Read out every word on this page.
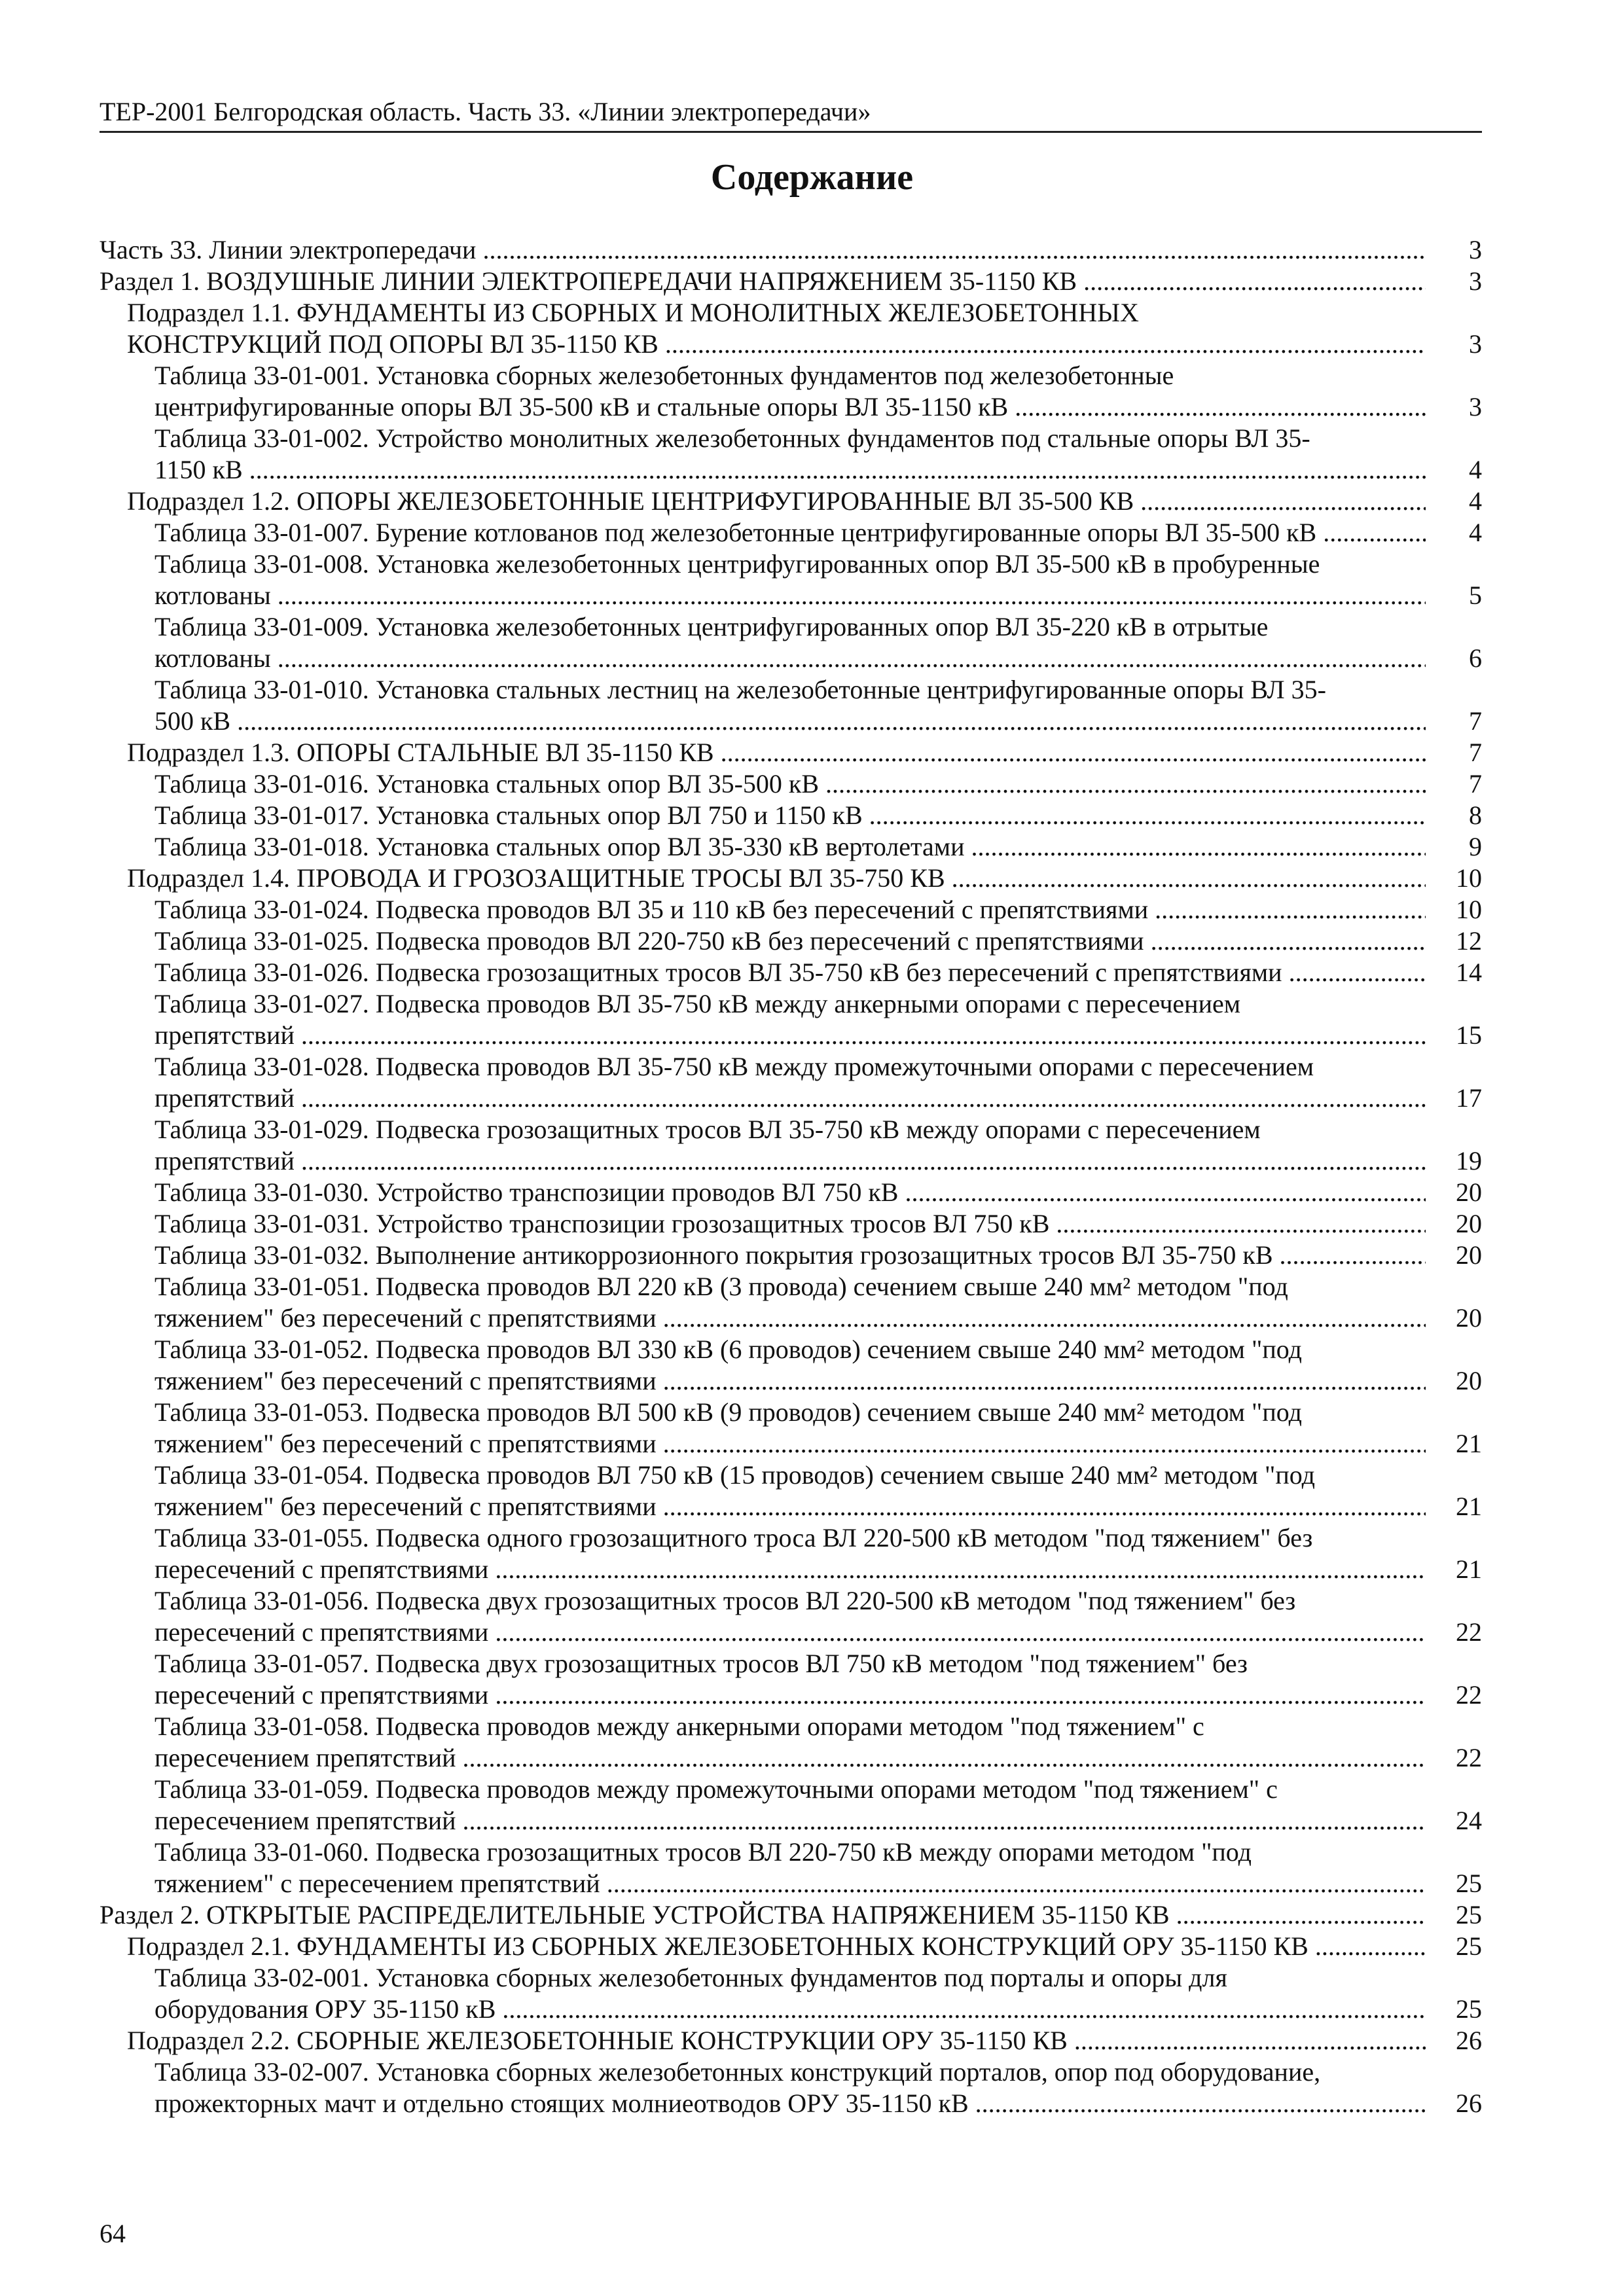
ТЕР-2001 Белгородская область. Часть 33. «Линии электропередачи»
Содержание
Часть 33. Линии электропередачи .....	3
Раздел 1. ВОЗДУШНЫЕ ЛИНИИ ЭЛЕКТРОПЕРЕДАЧИ НАПРЯЖЕНИЕМ 35-1150 КВ .....	3
Подраздел 1.1. ФУНДАМЕНТЫ ИЗ СБОРНЫХ И МОНОЛИТНЫХ ЖЕЛЕЗОБЕТОННЫХ
КОНСТРУКЦИЙ ПОД ОПОРЫ ВЛ 35-1150 КВ .....	3
Таблица 33-01-001. Установка сборных железобетонных фундаментов под железобетонные
центрифугированные опоры ВЛ 35-500 кВ и стальные опоры ВЛ 35-1150 кВ .....	3
Таблица 33-01-002. Устройство монолитных железобетонных фундаментов под стальные опоры ВЛ 35-
1150 кВ .....	4
Подраздел 1.2. ОПОРЫ ЖЕЛЕЗОБЕТОННЫЕ ЦЕНТРИФУГИРОВАННЫЕ ВЛ 35-500 КВ .....	4
Таблица 33-01-007. Бурение котлованов под железобетонные центрифугированные опоры ВЛ 35-500 кВ .....	4
Таблица 33-01-008. Установка железобетонных центрифугированных опор ВЛ 35-500 кВ в пробуренные
котлованы .....	5
Таблица 33-01-009. Установка железобетонных центрифугированных опор ВЛ 35-220 кВ в отрытые
котлованы .....	6
Таблица 33-01-010. Установка стальных лестниц на железобетонные центрифугированные опоры ВЛ 35-
500 кВ .....	7
Подраздел 1.3. ОПОРЫ СТАЛЬНЫЕ ВЛ 35-1150 КВ .....	7
Таблица 33-01-016. Установка стальных опор ВЛ 35-500 кВ .....	7
Таблица 33-01-017. Установка стальных опор ВЛ 750 и 1150 кВ .....	8
Таблица 33-01-018. Установка стальных опор ВЛ 35-330 кВ вертолетами .....	9
Подраздел 1.4. ПРОВОДА И ГРОЗОЗАЩИТНЫЕ ТРОСЫ ВЛ 35-750 КВ .....	10
Таблица 33-01-024. Подвеска проводов ВЛ 35 и 110 кВ без пересечений с препятствиями .....	10
Таблица 33-01-025. Подвеска проводов ВЛ 220-750 кВ без пересечений с препятствиями .....	12
Таблица 33-01-026. Подвеска грозозащитных тросов ВЛ 35-750 кВ без пересечений с препятствиями .....	14
Таблица 33-01-027. Подвеска проводов ВЛ 35-750 кВ между анкерными опорами с пересечением
препятствий .....	15
Таблица 33-01-028. Подвеска проводов ВЛ 35-750 кВ между промежуточными опорами с пересечением
препятствий .....	17
Таблица 33-01-029. Подвеска грозозащитных тросов ВЛ 35-750 кВ между опорами с пересечением
препятствий .....	19
Таблица 33-01-030. Устройство транспозиции проводов ВЛ 750 кВ .....	20
Таблица 33-01-031. Устройство транспозиции грозозащитных тросов ВЛ 750 кВ .....	20
Таблица 33-01-032. Выполнение антикоррозионного покрытия грозозащитных тросов ВЛ 35-750 кВ .....	20
Таблица 33-01-051. Подвеска проводов ВЛ 220 кВ (3 провода) сечением свыше 240 мм² методом "под
тяжением" без пересечений с препятствиями .....	20
Таблица 33-01-052. Подвеска проводов ВЛ 330 кВ (6 проводов) сечением свыше 240 мм² методом "под
тяжением" без пересечений с препятствиями .....	20
Таблица 33-01-053. Подвеска проводов ВЛ 500 кВ (9 проводов) сечением свыше 240 мм² методом "под
тяжением" без пересечений с препятствиями .....	21
Таблица 33-01-054. Подвеска проводов ВЛ 750 кВ (15 проводов) сечением свыше 240 мм² методом "под
тяжением" без пересечений с препятствиями .....	21
Таблица 33-01-055. Подвеска одного грозозащитного троса ВЛ 220-500 кВ методом "под тяжением" без
пересечений с препятствиями .....	21
Таблица 33-01-056. Подвеска двух грозозащитных тросов ВЛ 220-500 кВ методом "под тяжением" без
пересечений с препятствиями .....	22
Таблица 33-01-057. Подвеска двух грозозащитных тросов ВЛ 750 кВ методом "под тяжением" без
пересечений с препятствиями .....	22
Таблица 33-01-058. Подвеска проводов между анкерными опорами методом "под тяжением" с
пересечением препятствий .....	22
Таблица 33-01-059. Подвеска проводов между промежуточными опорами методом "под тяжением" с
пересечением препятствий .....	24
Таблица 33-01-060. Подвеска грозозащитных тросов ВЛ 220-750 кВ между опорами методом "под
тяжением" с пересечением препятствий .....	25
Раздел 2. ОТКРЫТЫЕ РАСПРЕДЕЛИТЕЛЬНЫЕ УСТРОЙСТВА НАПРЯЖЕНИЕМ 35-1150 КВ .....	25
Подраздел 2.1. ФУНДАМЕНТЫ ИЗ СБОРНЫХ ЖЕЛЕЗОБЕТОННЫХ КОНСТРУКЦИЙ ОРУ 35-1150 КВ .....	25
Таблица 33-02-001. Установка сборных железобетонных фундаментов под порталы и опоры для
оборудования ОРУ 35-1150 кВ .....	25
Подраздел 2.2. СБОРНЫЕ ЖЕЛЕЗОБЕТОННЫЕ КОНСТРУКЦИИ ОРУ 35-1150 КВ .....	26
Таблица 33-02-007. Установка сборных железобетонных конструкций порталов, опор под оборудование,
прожекторных мачт и отдельно стоящих молниеотводов ОРУ 35-1150 кВ .....	26
64
